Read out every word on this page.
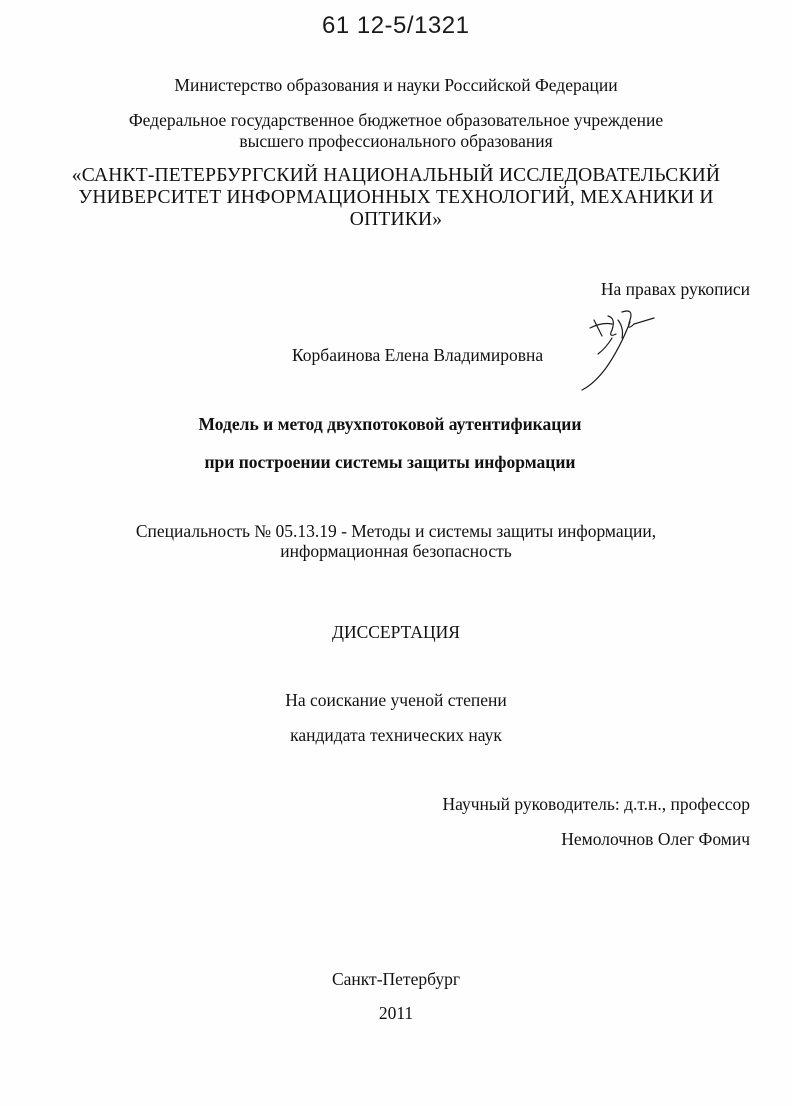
61 12-5/1321
Министерство образования и науки Российской Федерации
Федеральное государственное бюджетное образовательное учреждение
высшего профессионального образования
«САНКТ-ПЕТЕРБУРГСКИЙ НАЦИОНАЛЬНЫЙ ИССЛЕДОВАТЕЛЬСКИЙ
УНИВЕРСИТЕТ ИНФОРМАЦИОННЫХ ТЕХНОЛОГИЙ, МЕХАНИКИ И
ОПТИКИ»
На правах рукописи
Корбаинова Елена Владимировна
Модель и метод двухпотоковой аутентификации
при построении системы защиты информации
Специальность № 05.13.19 - Методы и системы защиты информации,
информационная безопасность
ДИССЕРТАЦИЯ
На соискание ученой степени
кандидата технических наук
Научный руководитель: д.т.н., профессор
Немолочнов Олег Фомич
Санкт-Петербург
2011
